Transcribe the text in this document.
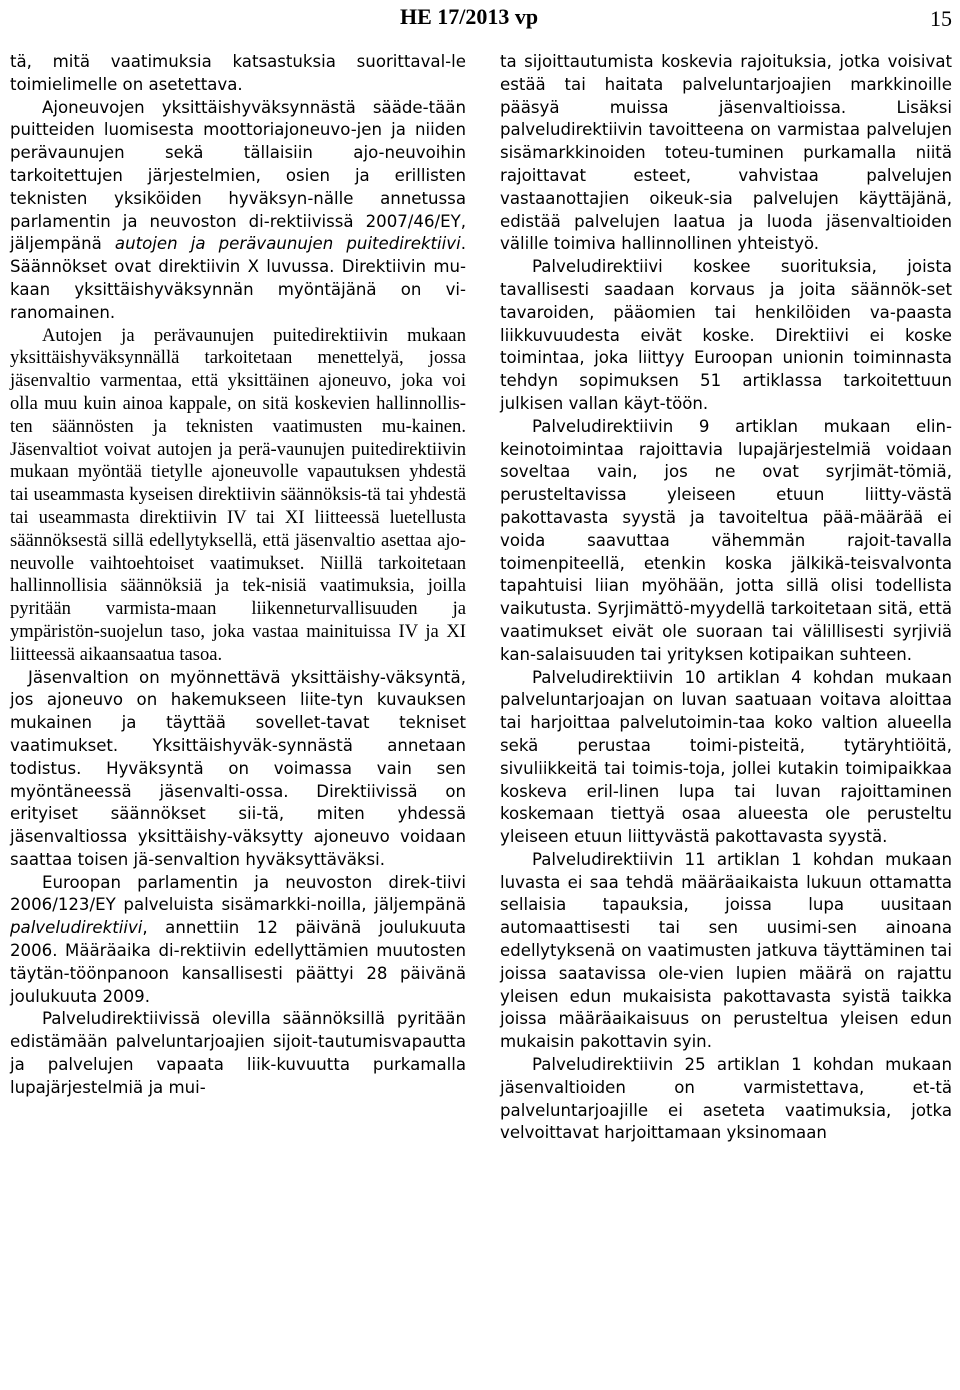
HE 17/2013 vp	15

tä, mitä vaatimuksia katsastuksia suorittaval-le toimielimelle on asetettava.

Ajoneuvojen yksittäishyväksynnästä sääde-tään puitteiden luomisesta moottoriajoneuvo-jen ja niiden perävaunujen sekä tällaisiin ajo-neuvoihin tarkoitettujen järjestelmien, osien ja erillisten teknisten yksiköiden hyväksyn-nälle annetussa parlamentin ja neuvoston di-rektiivissä 2007/46/EY, jäljempänä autojen ja perävaunujen puitedirektiivi. Säännökset ovat direktiivin X luvussa. Direktiivin mu-kaan yksittäishyväksynnän myöntäjänä on vi-ranomainen.

Autojen ja perävaunujen puitedirektiivin mukaan yksittäishyväksynnällä tarkoitetaan menettelyä, jossa jäsenvaltio varmentaa, että yksittäinen ajoneuvo, joka voi olla muu kuin ainoa kappale, on sitä koskevien hallinnollis-ten säännösten ja teknisten vaatimusten mu-kainen. Jäsenvaltiot voivat autojen ja perä-vaunujen puitedirektiivin mukaan myöntää tietylle ajoneuvolle vapautuksen yhdestä tai useammasta kyseisen direktiivin säännöksis-tä tai yhdestä tai useammasta direktiivin IV tai XI liitteessä luetellusta säännöksestä sillä edellytyksellä, että jäsenvaltio asettaa ajo-neuvolle vaihtoehtoiset vaatimukset. Niillä tarkoitetaan hallinnollisia säännöksiä ja tek-nisiä vaatimuksia, joilla pyritään varmista-maan liikenneturvallisuuden ja ympäristön-suojelun taso, joka vastaa mainituissa IV ja XI liitteessä aikaansaatua tasoa.

Jäsenvaltion on myönnettävä yksittäishy-väksyntä, jos ajoneuvo on hakemukseen liite-tyn kuvauksen mukainen ja täyttää sovellet-tavat tekniset vaatimukset. Yksittäishyväk-synnästä annetaan todistus. Hyväksyntä on voimassa vain sen myöntäneessä jäsenvalti-ossa. Direktiivissä on erityiset säännökset sii-tä, miten yhdessä jäsenvaltiossa yksittäishy-väksytty ajoneuvo voidaan saattaa toisen jä-senvaltion hyväksyttäväksi.

Euroopan parlamentin ja neuvoston direk-tiivi 2006/123/EY palveluista sisämarkki-noilla, jäljempänä palveludirektiivi, annettiin 12 päivänä joulukuuta 2006. Määräaika di-rektiivin edellyttämien muutosten täytän-töönpanoon kansallisesti päättyi 28 päivänä joulukuuta 2009.

Palveludirektiivissä olevilla säännöksillä pyritään edistämään palveluntarjoajien sijoit-tautumisvapautta ja palvelujen vapaata liik-kuvuutta purkamalla lupajärjestelmiä ja mui-

ta sijoittautumista koskevia rajoituksia, jotka voisivat estää tai haitata palveluntarjoajien markkinoille pääsyä muissa jäsenvaltioissa. Lisäksi palveludirektiivin tavoitteena on varmistaa palvelujen sisämarkkinoiden toteu-tuminen purkamalla niitä rajoittavat esteet, vahvistaa palvelujen vastaanottajien oikeuk-sia palvelujen käyttäjänä, edistää palvelujen laatua ja luoda jäsenvaltioiden välille toimiva hallinnollinen yhteistyö.

Palveludirektiivi koskee suorituksia, joista tavallisesti saadaan korvaus ja joita säännök-set tavaroiden, pääomien tai henkilöiden va-paasta liikkuvuudesta eivät koske. Direktiivi ei koske toimintaa, joka liittyy Euroopan unionin toiminnasta tehdyn sopimuksen 51 artiklassa tarkoitettuun julkisen vallan käyt-töön.

Palveludirektiivin 9 artiklan mukaan elin-keinotoimintaa rajoittavia lupajärjestelmiä voidaan soveltaa vain, jos ne ovat syrjimät-tömiä, perusteltavissa yleiseen etuun liitty-västä pakottavasta syystä ja tavoiteltua pää-määrää ei voida saavuttaa vähemmän rajoit-tavalla toimenpiteellä, etenkin koska jälkikä-teisvalvonta tapahtuisi liian myöhään, jotta sillä olisi todellista vaikutusta. Syrjimättö-myydellä tarkoitetaan sitä, että vaatimukset eivät ole suoraan tai välillisesti syrjiviä kan-salaisuuden tai yrityksen kotipaikan suhteen.

Palveludirektiivin 10 artiklan 4 kohdan mukaan palveluntarjoajan on luvan saatuaan voitava aloittaa tai harjoittaa palvelutoimin-taa koko valtion alueella sekä perustaa toimi-pisteitä, tytäryhtiöitä, sivuliikkeitä tai toimis-toja, jollei kutakin toimipaikkaa koskeva eril-linen lupa tai luvan rajoittaminen koskemaan tiettyä osaa alueesta ole perusteltu yleiseen etuun liittyvästä pakottavasta syystä.

Palveludirektiivin 11 artiklan 1 kohdan mukaan luvasta ei saa tehdä määräaikaista lukuun ottamatta sellaisia tapauksia, joissa lupa uusitaan automaattisesti tai sen uusimi-sen ainoana edellytyksenä on vaatimusten jatkuva täyttäminen tai joissa saatavissa ole-vien lupien määrä on rajattu yleisen edun mukaisista pakottavasta syistä taikka joissa määräaikaisuus on perusteltua yleisen edun mukaisin pakottavin syin.

Palveludirektiivin 25 artiklan 1 kohdan mukaan jäsenvaltioiden on varmistettava, et-tä palveluntarjoajille ei aseteta vaatimuksia, jotka velvoittavat harjoittamaan yksinomaan
